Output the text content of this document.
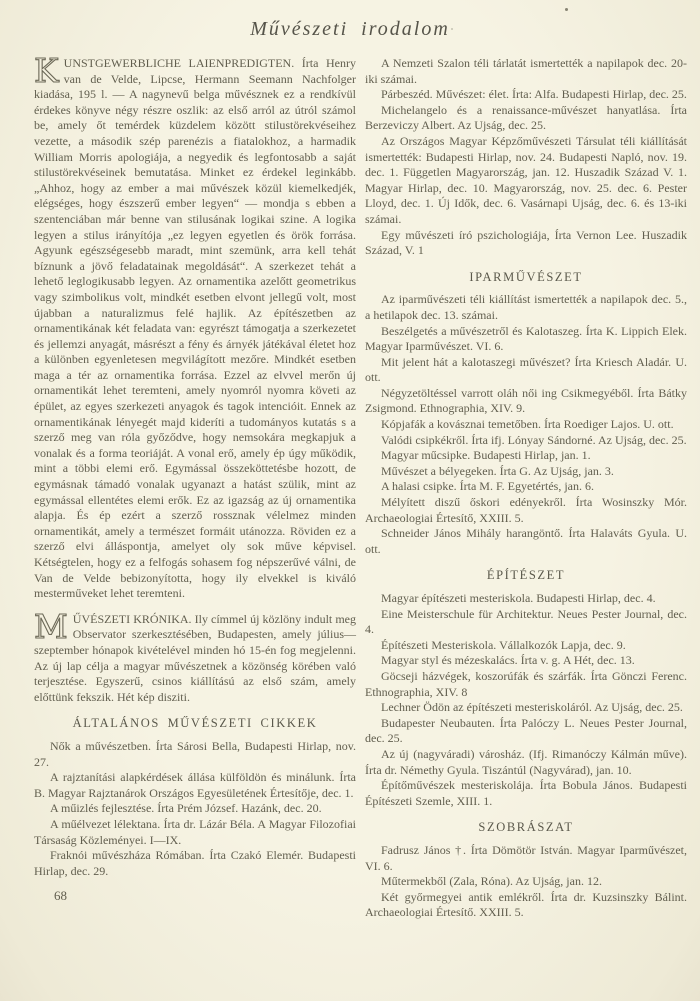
Művészeti irodalom

KUNSTGEWERBLICHE LAIENPREDIGTEN. Írta Henry van de Velde, Lipcse, Hermann Seemann Nachfolger kiadása, 195 l. — A nagynevű belga művésznek ez a rendkívül érdekes könyve négy részre oszlik: az első arról az útról számol be, amely őt temérdek küzdelem között stilustörekvéseihez vezette, a második szép parenézis a fiatalokhoz, a harmadik William Morris apologiája, a negyedik és legfontosabb a saját stilustörekvéseinek bemutatása. Minket ez érdekel leginkább. „Ahhoz, hogy az ember a mai művészek közül kiemelkedjék, elégséges, hogy észszerű ember legyen“ — mondja s ebben a szentenciában már benne van stilusának logikai szine. A logika legyen a stilus irányítója „ez legyen egyetlen és örök forrása. Agyunk egészségesebb maradt, mint szemünk, arra kell tehát bíznunk a jövő feladatainak megoldását“. A szerkezet tehát a lehető leglogikusabb legyen. Az ornamentika azelőtt geometrikus vagy szimbolikus volt, mindkét esetben elvont jellegű volt, most újabban a naturalizmus felé hajlik. Az építészetben az ornamentikának két feladata van: egyrészt támogatja a szerkezetet és jellemzi anyagát, másrészt a fény és árnyék játékával életet hoz a különben egyenletesen megvilágított mezőre. Mindkét esetben maga a tér az ornamentika forrása. Ezzel az elvvel merőn új ornamentikát lehet teremteni, amely nyomról nyomra követi az épület, az egyes szerkezeti anyagok és tagok intencióit. Ennek az ornamentikának lényegét majd kideríti a tudományos kutatás s a szerző meg van róla győződve, hogy nemsokára megkapjuk a vonalak és a forma teoriáját. A vonal erő, amely ép úgy működik, mint a többi elemi erő. Egymással összeköttetésbe hozott, de egymásnak támadó vonalak ugyanazt a hatást szülik, mint az egymással ellentétes elemi erők. Ez az igazság az új ornamentika alapja. És ép ezért a szerző rossznak vélelmez minden ornamentikát, amely a természet formáit utánozza. Röviden ez a szerző elvi álláspontja, amelyet oly sok műve képvisel. Kétségtelen, hogy ez a felfogás sohasem fog népszerűvé válni, de Van de Velde bebizonyította, hogy ily elvekkel is kiváló mesterműveket lehet teremteni.

MŰVÉSZETI KRÓNIKA. Ily címmel új közlöny indult meg Observator szerkesztésében, Budapesten, amely július—szeptember hónapok kivételével minden hó 15-én fog megjelenni. Az új lap célja a magyar művészetnek a közönség körében való terjesztése. Egyszerű, csinos kiállítású az első szám, amely előttünk fekszik. Hét kép disziti.

ÁLTALÁNOS MŰVÉSZETI CIKKEK

Nők a művészetben. Írta Sárosi Bella, Budapesti Hirlap, nov. 27.

A rajztanítási alapkérdések állása külföldön és minálunk. Írta B. Magyar Rajztanárok Országos Egyesületének Értesítője, dec. 1.

A műizlés fejlesztése. Írta Prém József. Hazánk, dec. 20.

A műélvezet lélektana. Írta dr. Lázár Béla. A Magyar Filozofiai Társaság Közleményei. I—IX.

Fraknói művészháza Rómában. Írta Czakó Elemér. Budapesti Hirlap, dec. 29.

68

A Nemzeti Szalon téli tárlatát ismertették a napilapok dec. 20-iki számai.

Párbeszéd. Művészet: élet. Írta: Alfa. Budapesti Hirlap, dec. 25.

Michelangelo és a renaissance-művészet hanyatlása. Írta Berzeviczy Albert. Az Ujság, dec. 25.

Az Országos Magyar Képzőművészeti Társulat téli kiállítását ismertették: Budapesti Hirlap, nov. 24. Budapesti Napló, nov. 19. dec. 1. Független Magyarország, jan. 12. Huszadik Század V. 1. Magyar Hirlap, dec. 10. Magyarország, nov. 25. dec. 6. Pester Lloyd, dec. 1. Új Idők, dec. 6. Vasárnapi Ujság, dec. 6. és 13-iki számai.

Egy művészeti író pszichologiája, Írta Vernon Lee. Huszadik Század, V. 1

IPARMŰVÉSZET

Az iparművészeti téli kiállítást ismertették a napilapok dec. 5., a hetilapok dec. 13. számai.

Beszélgetés a művészetről és Kalotaszeg. Írta K. Lippich Elek. Magyar Iparművészet. VI. 6.

Mit jelent hát a kalotaszegi művészet? Írta Kriesch Aladár. U. ott.

Négyzetöltéssel varrott oláh női ing Csikmegyéből. Írta Bátky Zsigmond. Ethnographia, XIV. 9.

Kópjafák a kovásznai temetőben. Írta Roediger Lajos. U. ott.

Valódi csipkékről. Írta ifj. Lónyay Sándorné. Az Ujság, dec. 25.

Magyar műcsipke. Budapesti Hirlap, jan. 1.

Művészet a bélyegeken. Írta G. Az Ujság, jan. 3.

A halasi csipke. Írta M. F. Egyetértés, jan. 6.

Mélyített diszű őskori edényekről. Írta Wosinszky Mór. Archaeologiai Értesítő, XXIII. 5.

Schneider János Mihály harangöntő. Írta Halaváts Gyula. U. ott.

ÉPÍTÉSZET

Magyar építészeti mesteriskola. Budapesti Hirlap, dec. 4.

Eine Meisterschule für Architektur. Neues Pester Journal, dec. 4.

Építészeti Mesteriskola. Vállalkozók Lapja, dec. 9.

Magyar styl és mézeskalács. Írta v. g. A Hét, dec. 13.

Göcseji házvégek, koszorúfák és szárfák. Írta Gönczi Ferenc. Ethnographia, XIV. 8

Lechner Ödön az építészeti mesteriskoláról. Az Ujság, dec. 25.

Budapester Neubauten. Írta Palóczy L. Neues Pester Journal, dec. 25.

Az új (nagyváradi) városház. (Ifj. Rimanóczy Kálmán műve). Írta dr. Némethy Gyula. Tiszántúl (Nagyvárad), jan. 10.

Építőművészek mesteriskolája. Írta Bobula János. Budapesti Építészeti Szemle, XIII. 1.

SZOBRÁSZAT

Fadrusz János †. Írta Dömötör István. Magyar Iparművészet, VI. 6.

Műtermekből (Zala, Róna). Az Ujság, jan. 12.

Két győrmegyei antik emlékről. Írta dr. Kuzsinszky Bálint. Archaeologiai Értesítő. XXIII. 5.
